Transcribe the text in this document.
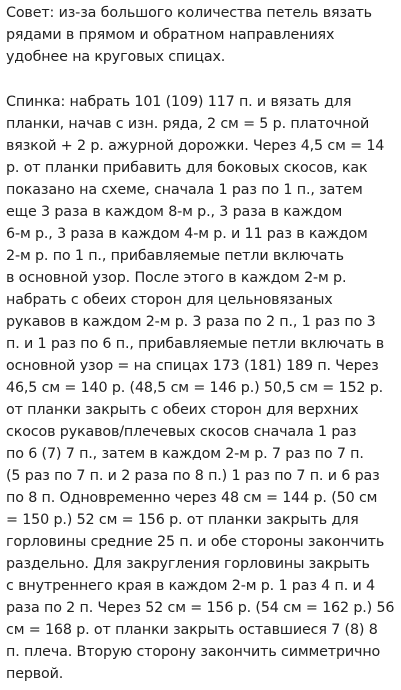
Совет: из-за большого количества петель вязать
рядами в прямом и обратном направлениях
удобнее на круговых спицах.
Спинка: набрать 101 (109) 117 п. и вязать для
планки, начав с изн. ряда, 2 см = 5 р. платочной
вязкой + 2 р. ажурной дорожки. Через 4,5 см = 14
р. от планки прибавить для боковых скосов, как
показано на схеме, сначала 1 раз по 1 п., затем
еще 3 раза в каждом 8-м р., 3 раза в каждом
6-м р., 3 раза в каждом 4-м р. и 11 раз в каждом
2-м р. по 1 п., прибавляемые петли включать
в основной узор. После этого в каждом 2-м р.
набрать с обеих сторон для цельновязаных
рукавов в каждом 2-м р. 3 раза по 2 п., 1 раз по 3
п. и 1 раз по 6 п., прибавляемые петли включать в
основной узор = на спицах 173 (181) 189 п. Через
46,5 см = 140 р. (48,5 см = 146 р.) 50,5 см = 152 р.
от планки закрыть с обеих сторон для верхних
скосов рукавов/плечевых скосов сначала 1 раз
по 6 (7) 7 п., затем в каждом 2-м р. 7 раз по 7 п.
(5 раз по 7 п. и 2 раза по 8 п.) 1 раз по 7 п. и 6 раз
по 8 п. Одновременно через 48 см = 144 р. (50 см
= 150 р.) 52 см = 156 р. от планки закрыть для
горловины средние 25 п. и обе стороны закончить
раздельно. Для закругления горловины закрыть
с внутреннего края в каждом 2-м р. 1 раз 4 п. и 4
раза по 2 п. Через 52 см = 156 р. (54 см = 162 р.) 56
см = 168 р. от планки закрыть оставшиеся 7 (8) 8
п. плеча. Вторую сторону закончить симметрично
первой.
